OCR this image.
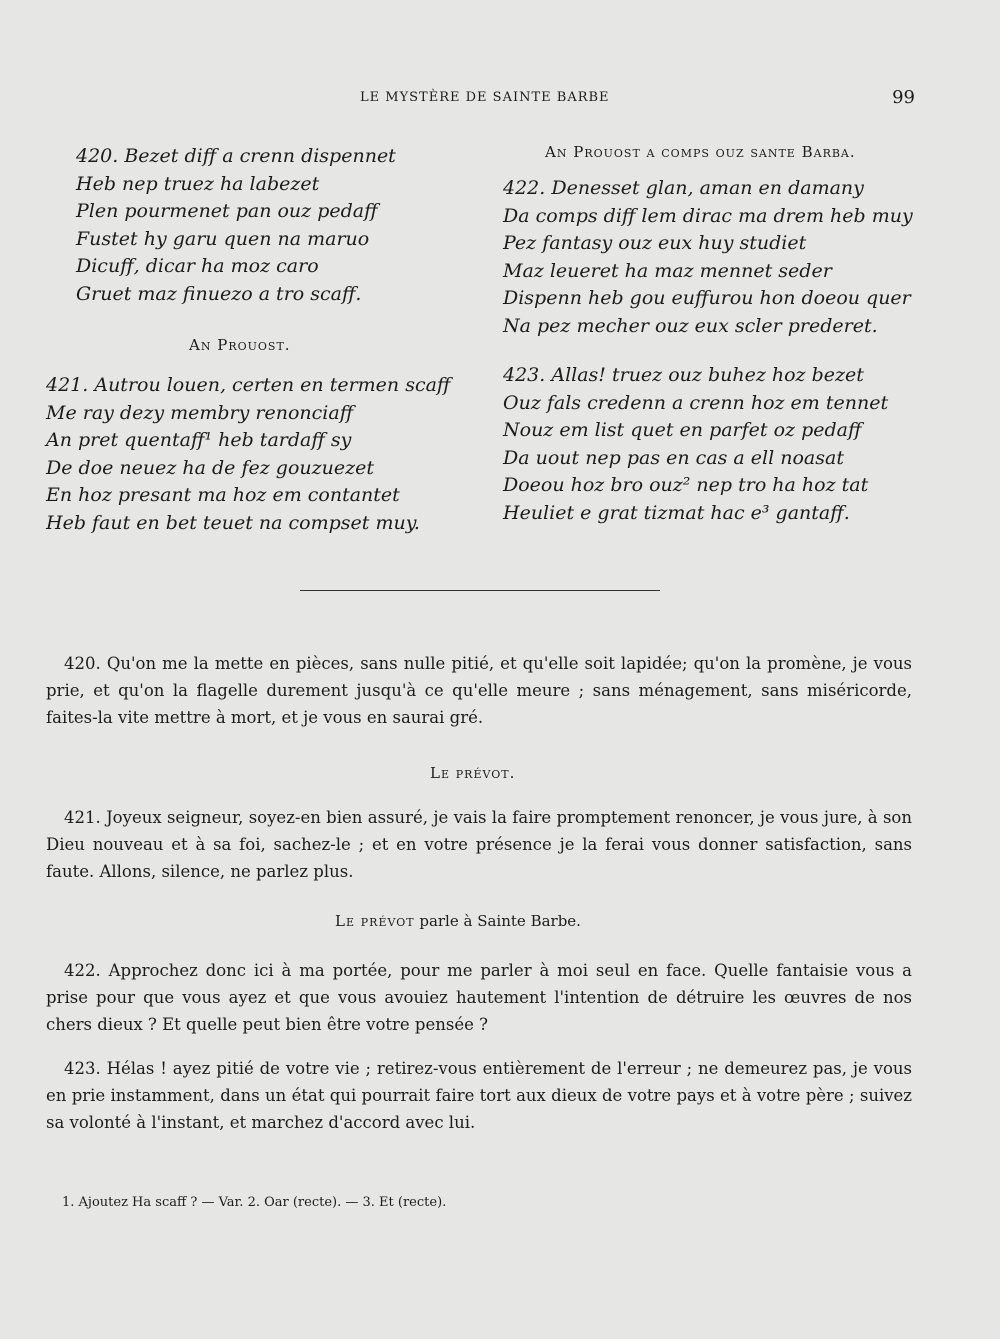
LE MYSTÈRE DE SAINTE BARBE	99
420. Bezet diff a crenn dispennet
Heb nep truez ha labezet
Plen pourmenet pan ouz pedaff
Fustet hy garu quen na maruo
Dicuff, dicar ha moz caro
Gruet maz finuezo a tro scaff.
An Prouost.
421. Autrou louen, certen en termen scaff
Me ray dezy membry renonciaff
An pret quentaff¹ heb tardaff sy
De doe neuez ha de fez gouzuezet
En hoz presant ma hoz em contantet
Heb faut en bet teuet na compset muy.
An Prouost a comps ouz sante Barba.
422. Denesset glan, aman en damany
Da comps diff lem dirac ma drem heb muy
Pez fantasy ouz eux huy studiet
Maz leueret ha maz mennet seder
Dispenn heb gou euffurou hon doeou quer
Na pez mecher ouz eux scler prederet.
423. Allas! truez ouz buhez hoz bezet
Ouz fals credenn a crenn hoz em tennet
Nouz em list quet en parfet oz pedaff
Da uout nep pas en cas a ell noasat
Doeou hoz bro ouz² nep tro ha hoz tat
Heuliet e grat tizmat hac e³ gantaff.
420. Qu'on me la mette en pièces, sans nulle pitié, et qu'elle soit lapidée; qu'on la promène, je vous prie, et qu'on la flagelle durement jusqu'à ce qu'elle meure ; sans ménagement, sans miséricorde, faites-la vite mettre à mort, et je vous en saurai gré.
Le prévot.
421. Joyeux seigneur, soyez-en bien assuré, je vais la faire promptement renoncer, je vous jure, à son Dieu nouveau et à sa foi, sachez-le ; et en votre présence je la ferai vous donner satisfaction, sans faute. Allons, silence, ne parlez plus.
Le prévot parle à Sainte Barbe.
422. Approchez donc ici à ma portée, pour me parler à moi seul en face. Quelle fantaisie vous a prise pour que vous ayez et que vous avouiez hautement l'intention de détruire les œuvres de nos chers dieux ? Et quelle peut bien être votre pensée ?
423. Hélas ! ayez pitié de votre vie ; retirez-vous entièrement de l'erreur ; ne demeurez pas, je vous en prie instamment, dans un état qui pourrait faire tort aux dieux de votre pays et à votre père ; suivez sa volonté à l'instant, et marchez d'accord avec lui.
1. Ajoutez Ha scaff ? — Var. 2. Oar (recte). — 3. Et (recte).
